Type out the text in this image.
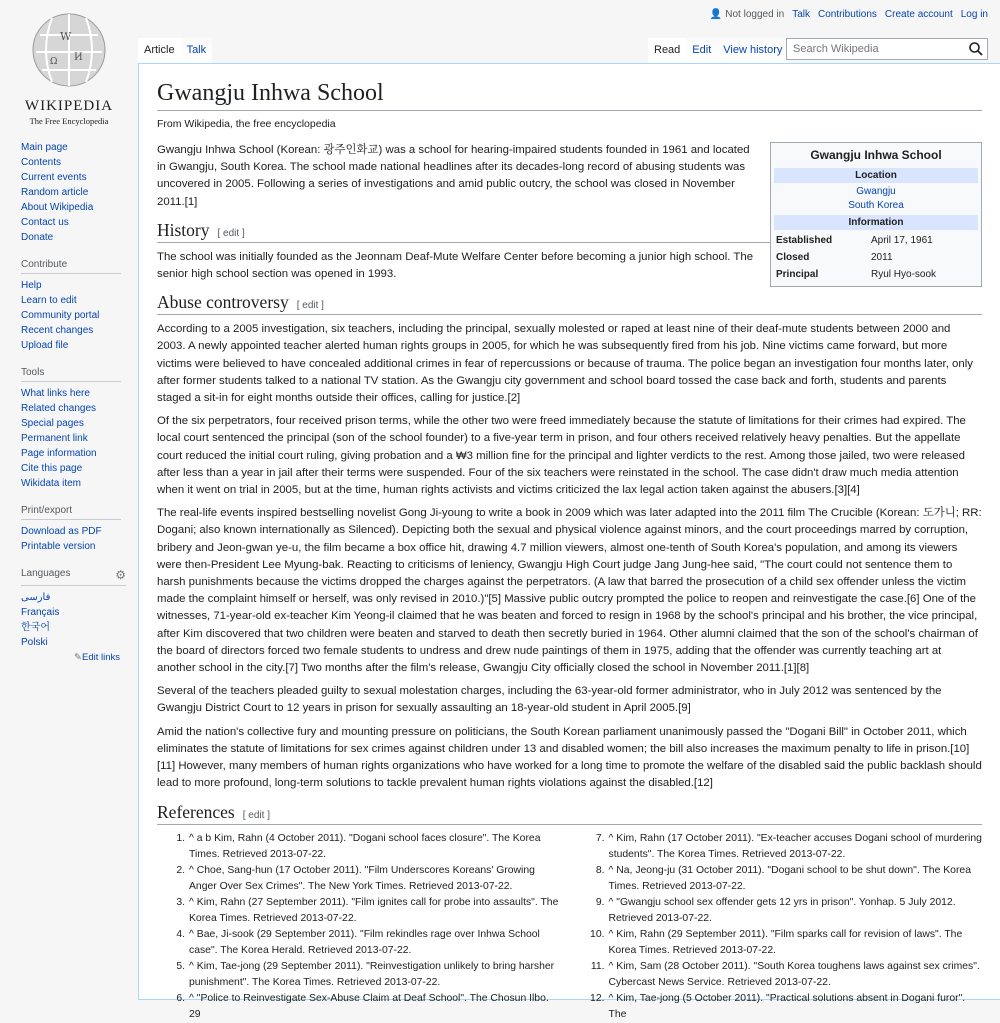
W
И
Ω
WIKIPEDIA
The Free Encyclopedia
👤 Not logged in Talk Contributions Create account Log in
Article	Talk	Read	Edit	View history Search Wikipedia
Main page
Contents
Current events
Random article
About Wikipedia
Contact us
Donate
Contribute
Help
Learn to edit
Community portal
Recent changes
Upload file
Tools
What links here
Related changes
Special pages
Permanent link
Page information
Cite this page
Wikidata item
Print/export
Download as PDF
Printable version
Languages	⚙
فارسی
Français
한국어
Polski
✎Edit links
Gwangju Inhwa School
From Wikipedia, the free encyclopedia
Gwangju Inhwa School
Location
Gwangju
South Korea
Information
Established	April 17, 1961
Closed	2011
Principal	Ryul Hyo-sook

Gwangju Inhwa School (Korean: 광주인화교) was a school for hearing-impaired students founded in 1961 and located in Gwangju, South Korea. The school made national headlines after its decades-long record of abusing students was uncovered in 2005. Following a series of investigations and amid public outcry, the school was closed in November 2011.[1]

History [ edit ]

The school was initially founded as the Jeonnam Deaf-Mute Welfare Center before becoming a junior high school. The senior high school section was opened in 1993.

Abuse controversy [ edit ]

According to a 2005 investigation, six teachers, including the principal, sexually molested or raped at least nine of their deaf-mute students between 2000 and 2003. A newly appointed teacher alerted human rights groups in 2005, for which he was subsequently fired from his job. Nine victims came forward, but more victims were believed to have concealed additional crimes in fear of repercussions or because of trauma. The police began an investigation four months later, only after former students talked to a national TV station. As the Gwangju city government and school board tossed the case back and forth, students and parents staged a sit-in for eight months outside their offices, calling for justice.[2]

Of the six perpetrators, four received prison terms, while the other two were freed immediately because the statute of limitations for their crimes had expired. The local court sentenced the principal (son of the school founder) to a five-year term in prison, and four others received relatively heavy penalties. But the appellate court reduced the initial court ruling, giving probation and a ₩3 million fine for the principal and lighter verdicts to the rest. Among those jailed, two were released after less than a year in jail after their terms were suspended. Four of the six teachers were reinstated in the school. The case didn't draw much media attention when it went on trial in 2005, but at the time, human rights activists and victims criticized the lax legal action taken against the abusers.[3][4]

The real-life events inspired bestselling novelist Gong Ji-young to write a book in 2009 which was later adapted into the 2011 film The Crucible (Korean: 도가니; RR: Dogani; also known internationally as Silenced). Depicting both the sexual and physical violence against minors, and the court proceedings marred by corruption, bribery and Jeon-gwan ye-u, the film became a box office hit, drawing 4.7 million viewers, almost one-tenth of South Korea's population, and among its viewers were then-President Lee Myung-bak. Reacting to criticisms of leniency, Gwangju High Court judge Jang Jung-hee said, "The court could not sentence them to harsh punishments because the victims dropped the charges against the perpetrators. (A law that barred the prosecution of a child sex offender unless the victim made the complaint himself or herself, was only revised in 2010.)"[5] Massive public outcry prompted the police to reopen and reinvestigate the case.[6] One of the witnesses, 71-year-old ex-teacher Kim Yeong-il claimed that he was beaten and forced to resign in 1968 by the school's principal and his brother, the vice principal, after Kim discovered that two children were beaten and starved to death then secretly buried in 1964. Other alumni claimed that the son of the school's chairman of the board of directors forced two female students to undress and drew nude paintings of them in 1975, adding that the offender was currently teaching art at another school in the city.[7] Two months after the film's release, Gwangju City officially closed the school in November 2011.[1][8]

Several of the teachers pleaded guilty to sexual molestation charges, including the 63-year-old former administrator, who in July 2012 was sentenced by the Gwangju District Court to 12 years in prison for sexually assaulting an 18-year-old student in April 2005.[9]

Amid the nation's collective fury and mounting pressure on politicians, the South Korean parliament unanimously passed the "Dogani Bill" in October 2011, which eliminates the statute of limitations for sex crimes against children under 13 and disabled women; the bill also increases the maximum penalty to life in prison.[10][11] However, many members of human rights organizations who have worked for a long time to promote the welfare of the disabled said the public backlash should lead to more profound, long-term solutions to tackle prevalent human rights violations against the disabled.[12]

References [ edit ]
1. ^ a b Kim, Rahn (4 October 2011). "Dogani school faces closure". The Korea Times. Retrieved 2013-07-22.
2. ^ Choe, Sang-hun (17 October 2011). "Film Underscores Koreans' Growing Anger Over Sex Crimes". The New York Times. Retrieved 2013-07-22.
3. ^ Kim, Rahn (27 September 2011). "Film ignites call for probe into assaults". The Korea Times. Retrieved 2013-07-22.
4. ^ Bae, Ji-sook (29 September 2011). "Film rekindles rage over Inhwa School case". The Korea Herald. Retrieved 2013-07-22.
5. ^ Kim, Tae-jong (29 September 2011). "Reinvestigation unlikely to bring harsher punishment". The Korea Times. Retrieved 2013-07-22.
6. ^ "Police to Reinvestigate Sex-Abuse Claim at Deaf School". The Chosun Ilbo. 29
7. ^ Kim, Rahn (17 October 2011). "Ex-teacher accuses Dogani school of murdering students". The Korea Times. Retrieved 2013-07-22.
8. ^ Na, Jeong-ju (31 October 2011). "Dogani school to be shut down". The Korea Times. Retrieved 2013-07-22.
9. ^ "Gwangju school sex offender gets 12 yrs in prison". Yonhap. 5 July 2012. Retrieved 2013-07-22.
10. ^ Kim, Rahn (29 September 2011). "Film sparks call for revision of laws". The Korea Times. Retrieved 2013-07-22.
11. ^ Kim, Sam (28 October 2011). "South Korea toughens laws against sex crimes". Cybercast News Service. Retrieved 2013-07-22.
12. ^ Kim, Tae-jong (5 October 2011). "Practical solutions absent in Dogani furor". The
